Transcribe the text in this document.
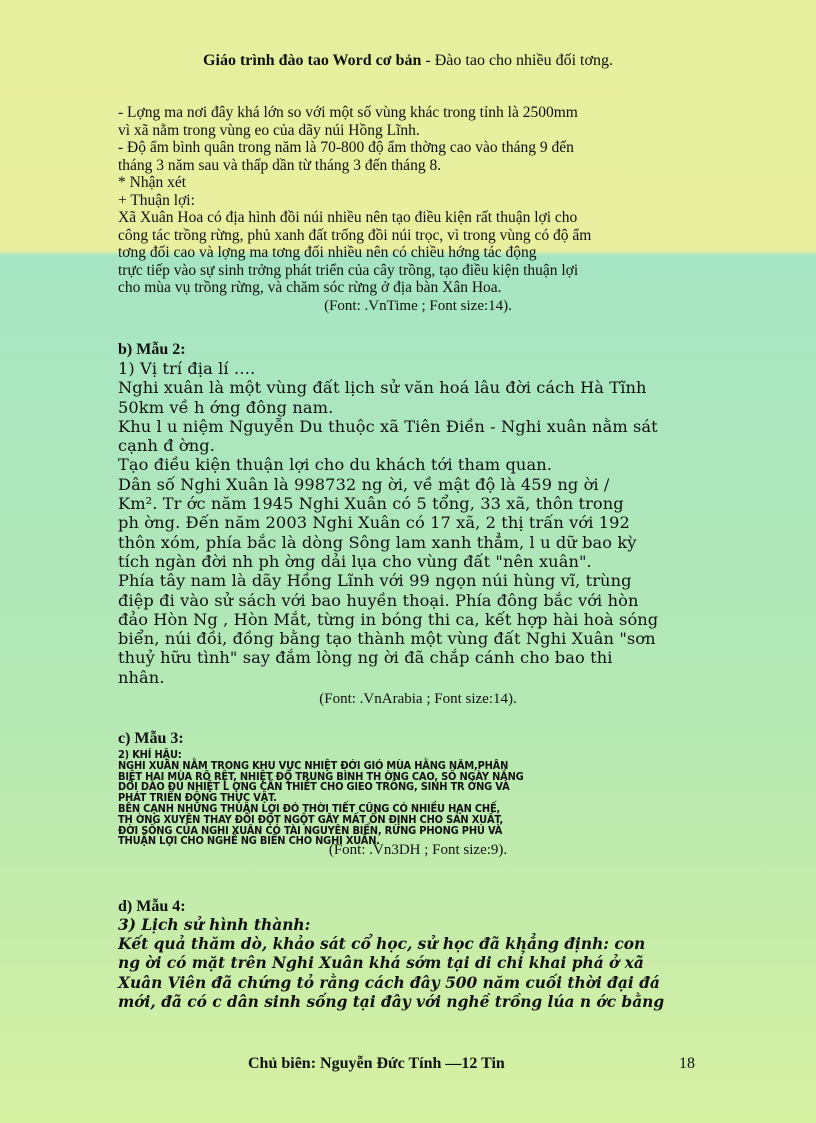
Giáo trình đào tao Word cơ bản - Đào tao cho nhiều đối tơng.

- Lợng ma nơi đây khá lớn so với một số vùng khác trong tỉnh là 2500mm

vì xã nằm trong vùng eo của dãy núi Hồng Lĩnh.

- Độ ẩm bình quân trong năm là 70-800 độ ẩm thờng cao vào tháng 9 đến

tháng 3 năm sau và thấp dần từ tháng 3 đến tháng 8.

* Nhận xét

+ Thuận lợi:

Xã Xuân Hoa có địa hình đồi núi nhiều nên tạo điều kiện rất thuận lợi cho

công tác trồng rừng, phủ xanh đất trống đồi núi trọc, vì trong vùng có độ ẩm

tơng đối cao và lợng ma tơng đối nhiều nên có chiều hớng tác động

trực tiếp vào sự sinh trởng phát triển của cây trồng, tạo điều kiện thuận lợi

cho mùa vụ trồng rừng, và chăm sóc rừng ở địa bàn Xân Hoa.

(Font: .VnTime ; Font size:14).

b) Mẫu 2:

1) Vị trí địa lí ….

Nghi xuân là một vùng đất lịch sử văn hoá lâu đời cách Hà Tĩnh

50km về h ớng đông nam.

Khu l u niệm Nguyễn Du thuộc xã Tiên Điền - Nghi xuân nằm sát

cạnh đ ờng.

Tạo điều kiện thuận lợi cho du khách tới tham quan.

Dân số Nghi Xuân là 998732 ng ời, về mật độ là 459 ng ời /

Km². Tr ớc năm 1945 Nghi Xuân có 5 tổng, 33 xã, thôn trong

ph ờng. Đến năm 2003 Nghi Xuân có 17 xã, 2 thị trấn với 192

thôn xóm, phía bắc là dòng Sông lam xanh thẳm, l u dữ bao kỳ

tích ngàn đời nh ph ờng dải lụa cho vùng đất "nên xuân".

Phía tây nam là dãy Hồng Lĩnh với 99 ngọn núi hùng vĩ, trùng

điệp đi vào sử sách với bao huyền thoại. Phía đông bắc với hòn

đảo Hòn Ng , Hòn Mắt, từng in bóng thi ca, kết hợp hài hoà sóng

biển, núi đồi, đồng bằng tạo thành một vùng đất Nghi Xuân "sơn

thuỷ hữu tình" say đắm lòng ng ời đã chắp cánh cho bao thi

nhân.

(Font: .VnArabia ; Font size:14).

c) Mẫu 3:

2) KHÍ HẬU:

NGHI XUÂN NẰM TRONG KHU VỰC NHIỆT ĐỚI GIÓ MÙA HẰNG NĂM,PHÂN

BIỆT HAI MÙA RÕ RỆT, NHIỆT ĐỘ TRUNG BÌNH TH ỜNG CAO, SỐ NGÀY NẮNG

DỒI DÀO ĐỦ NHIỆT L ỢNG CẦN THIẾT CHO GIEO TRỒNG, SINH TR ỞNG VÀ

PHÁT TRIỂN ĐỘNG THỰC VẬT.

BÊN CẠNH NHỮNG THUẬN LỢI ĐÓ THỜI TIẾT CŨNG CÓ NHIỀU HẠN CHẾ,

TH ỜNG XUYÊN THAY ĐỔI ĐỘT NGỘT GÂY MẤT ỔN ĐỊNH CHO SẢN XUẤT,

ĐỜI SỐNG CỦA NGHI XUÂN CÓ TÀI NGUYÊN BIỂN, RỪNG PHONG PHÚ VÀ

THUẬN LỢI CHO NGHỀ NG BIỂN CHO NGHI XUÂN.

(Font: .Vn3DH ; Font size:9).

d) Mẫu 4:

3) Lịch sử hình thành:

Kết quả thăm dò, khảo sát cổ học, sử học đã khẳng định: con

ng ời có mặt trên Nghi Xuân khá sớm tại di chỉ khai phá ở xã

Xuân Viên đã chứng tỏ rằng cách đây 500 năm cuối thời đại đá

mới, đã có c dân sinh sống tại đây với nghề trồng lúa n ớc bằng

Chủ biên: Nguyễn Đức Tính —12 Tin	18
